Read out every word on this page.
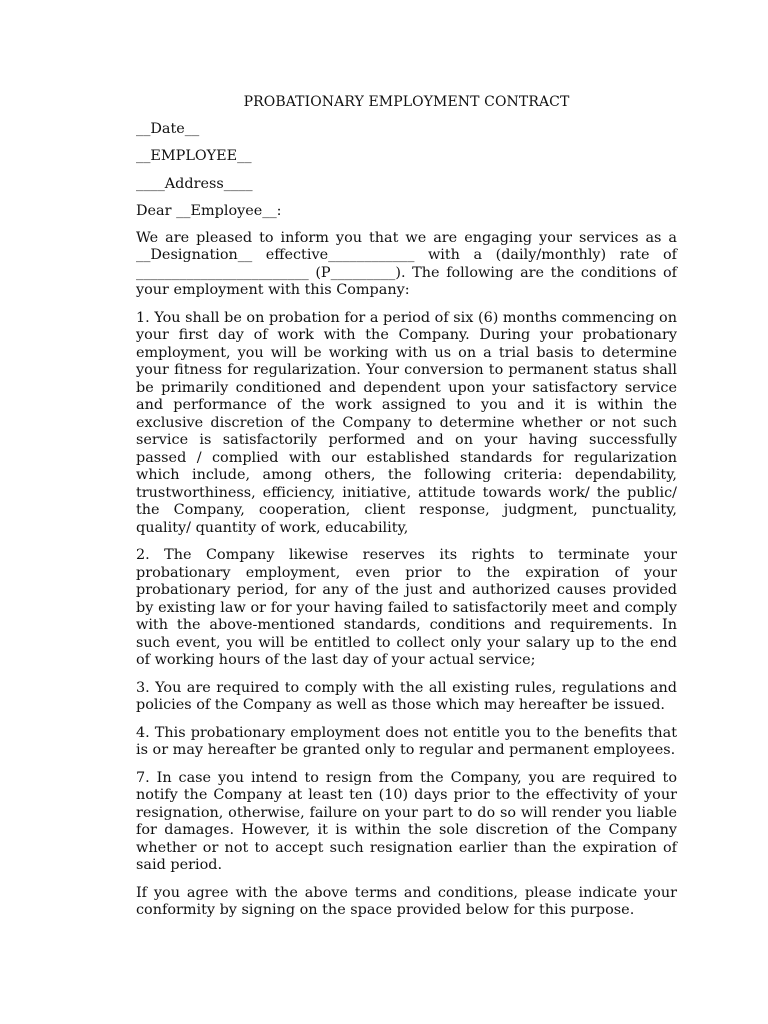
PROBATIONARY EMPLOYMENT CONTRACT
__Date__
__EMPLOYEE__
____Address____
Dear __Employee__:

We are pleased to inform you that we are engaging your services as a __Designation__ effective____________ with a (daily/monthly) rate of ________________________ (P_________). The following are the conditions of your employment with this Company:

1. You shall be on probation for a period of six (6) months commencing on your first day of work with the Company. During your probationary employment, you will be working with us on a trial basis to determine your fitness for regularization. Your conversion to permanent status shall be primarily conditioned and dependent upon your satisfactory service and performance of the work assigned to you and it is within the exclusive discretion of the Company to determine whether or not such service is satisfactorily performed and on your having successfully passed / complied with our established standards for regularization which include, among others, the following criteria: dependability, trustworthiness, efficiency, initiative, attitude towards work/ the public/ the Company, cooperation, client response, judgment, punctuality, quality/ quantity of work, educability,

2. The Company likewise reserves its rights to terminate your probationary employment, even prior to the expiration of your probationary period, for any of the just and authorized causes provided by existing law or for your having failed to satisfactorily meet and comply with the above-mentioned standards, conditions and requirements. In such event, you will be entitled to collect only your salary up to the end of working hours of the last day of your actual service;

3. You are required to comply with the all existing rules, regulations and policies of the Company as well as those which may hereafter be issued.

4. This probationary employment does not entitle you to the benefits that is or may hereafter be granted only to regular and permanent employees.

7. In case you intend to resign from the Company, you are required to notify the Company at least ten (10) days prior to the effectivity of your resignation, otherwise, failure on your part to do so will render you liable for damages. However, it is within the sole discretion of the Company whether or not to accept such resignation earlier than the expiration of said period.

If you agree with the above terms and conditions, please indicate your conformity by signing on the space provided below for this purpose.
